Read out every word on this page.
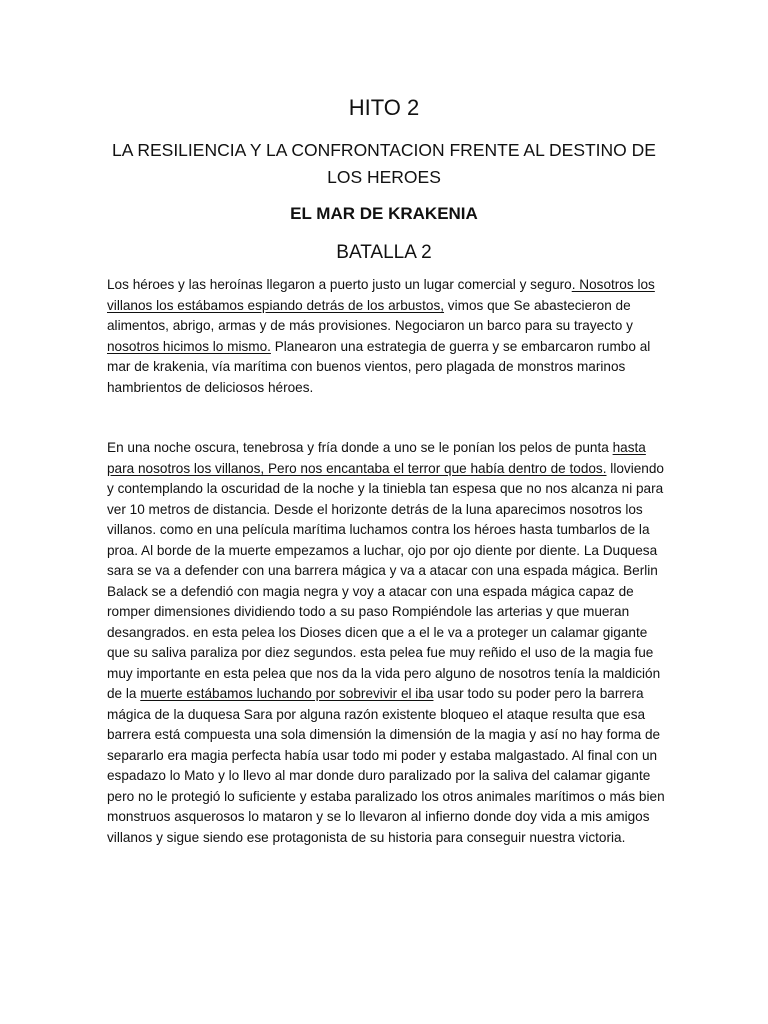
HITO 2
LA RESILIENCIA Y LA CONFRONTACION FRENTE AL DESTINO DE LOS HEROES
EL MAR DE KRAKENIA
BATALLA 2

Los héroes y las heroínas llegaron a puerto justo un lugar comercial y seguro. Nosotros los villanos los estábamos espiando detrás de los arbustos, vimos que Se abastecieron de alimentos, abrigo, armas y de más provisiones. Negociaron un barco para su trayecto y nosotros hicimos lo mismo. Planearon una estrategia de guerra y se embarcaron rumbo al mar de krakenia, vía marítima con buenos vientos, pero plagada de monstros marinos hambrientos de deliciosos héroes.

En una noche oscura, tenebrosa y fría donde a uno se le ponían los pelos de punta hasta para nosotros los villanos, Pero nos encantaba el terror que había dentro de todos. lloviendo y contemplando la oscuridad de la noche y la tiniebla tan espesa que no nos alcanza ni para ver 10 metros de distancia. Desde el horizonte detrás de la luna aparecimos nosotros los villanos. como en una película marítima luchamos contra los héroes hasta tumbarlos de la proa. Al borde de la muerte empezamos a luchar, ojo por ojo diente por diente. La Duquesa sara se va a defender con una barrera mágica y va a atacar con una espada mágica. Berlin Balack se a defendió con magia negra y voy a atacar con una espada mágica capaz de romper dimensiones dividiendo todo a su paso Rompiéndole las arterias y que mueran desangrados. en esta pelea los Dioses dicen que a el le va a proteger un calamar gigante que su saliva paraliza por diez segundos. esta pelea fue muy reñido el uso de la magia fue muy importante en esta pelea que nos da la vida pero alguno de nosotros tenía la maldición de la muerte estábamos luchando por sobrevivir el iba usar todo su poder pero la barrera mágica de la duquesa Sara por alguna razón existente bloqueo el ataque resulta que esa barrera está compuesta una sola dimensión la dimensión de la magia y así no hay forma de separarlo era magia perfecta había usar todo mi poder y estaba malgastado. Al final con un espadazo lo Mato y lo llevo al mar donde duro paralizado por la saliva del calamar gigante pero no le protegió lo suficiente y estaba paralizado los otros animales marítimos o más bien monstruos asquerosos lo mataron y se lo llevaron al infierno donde doy vida a mis amigos villanos y sigue siendo ese protagonista de su historia para conseguir nuestra victoria.
